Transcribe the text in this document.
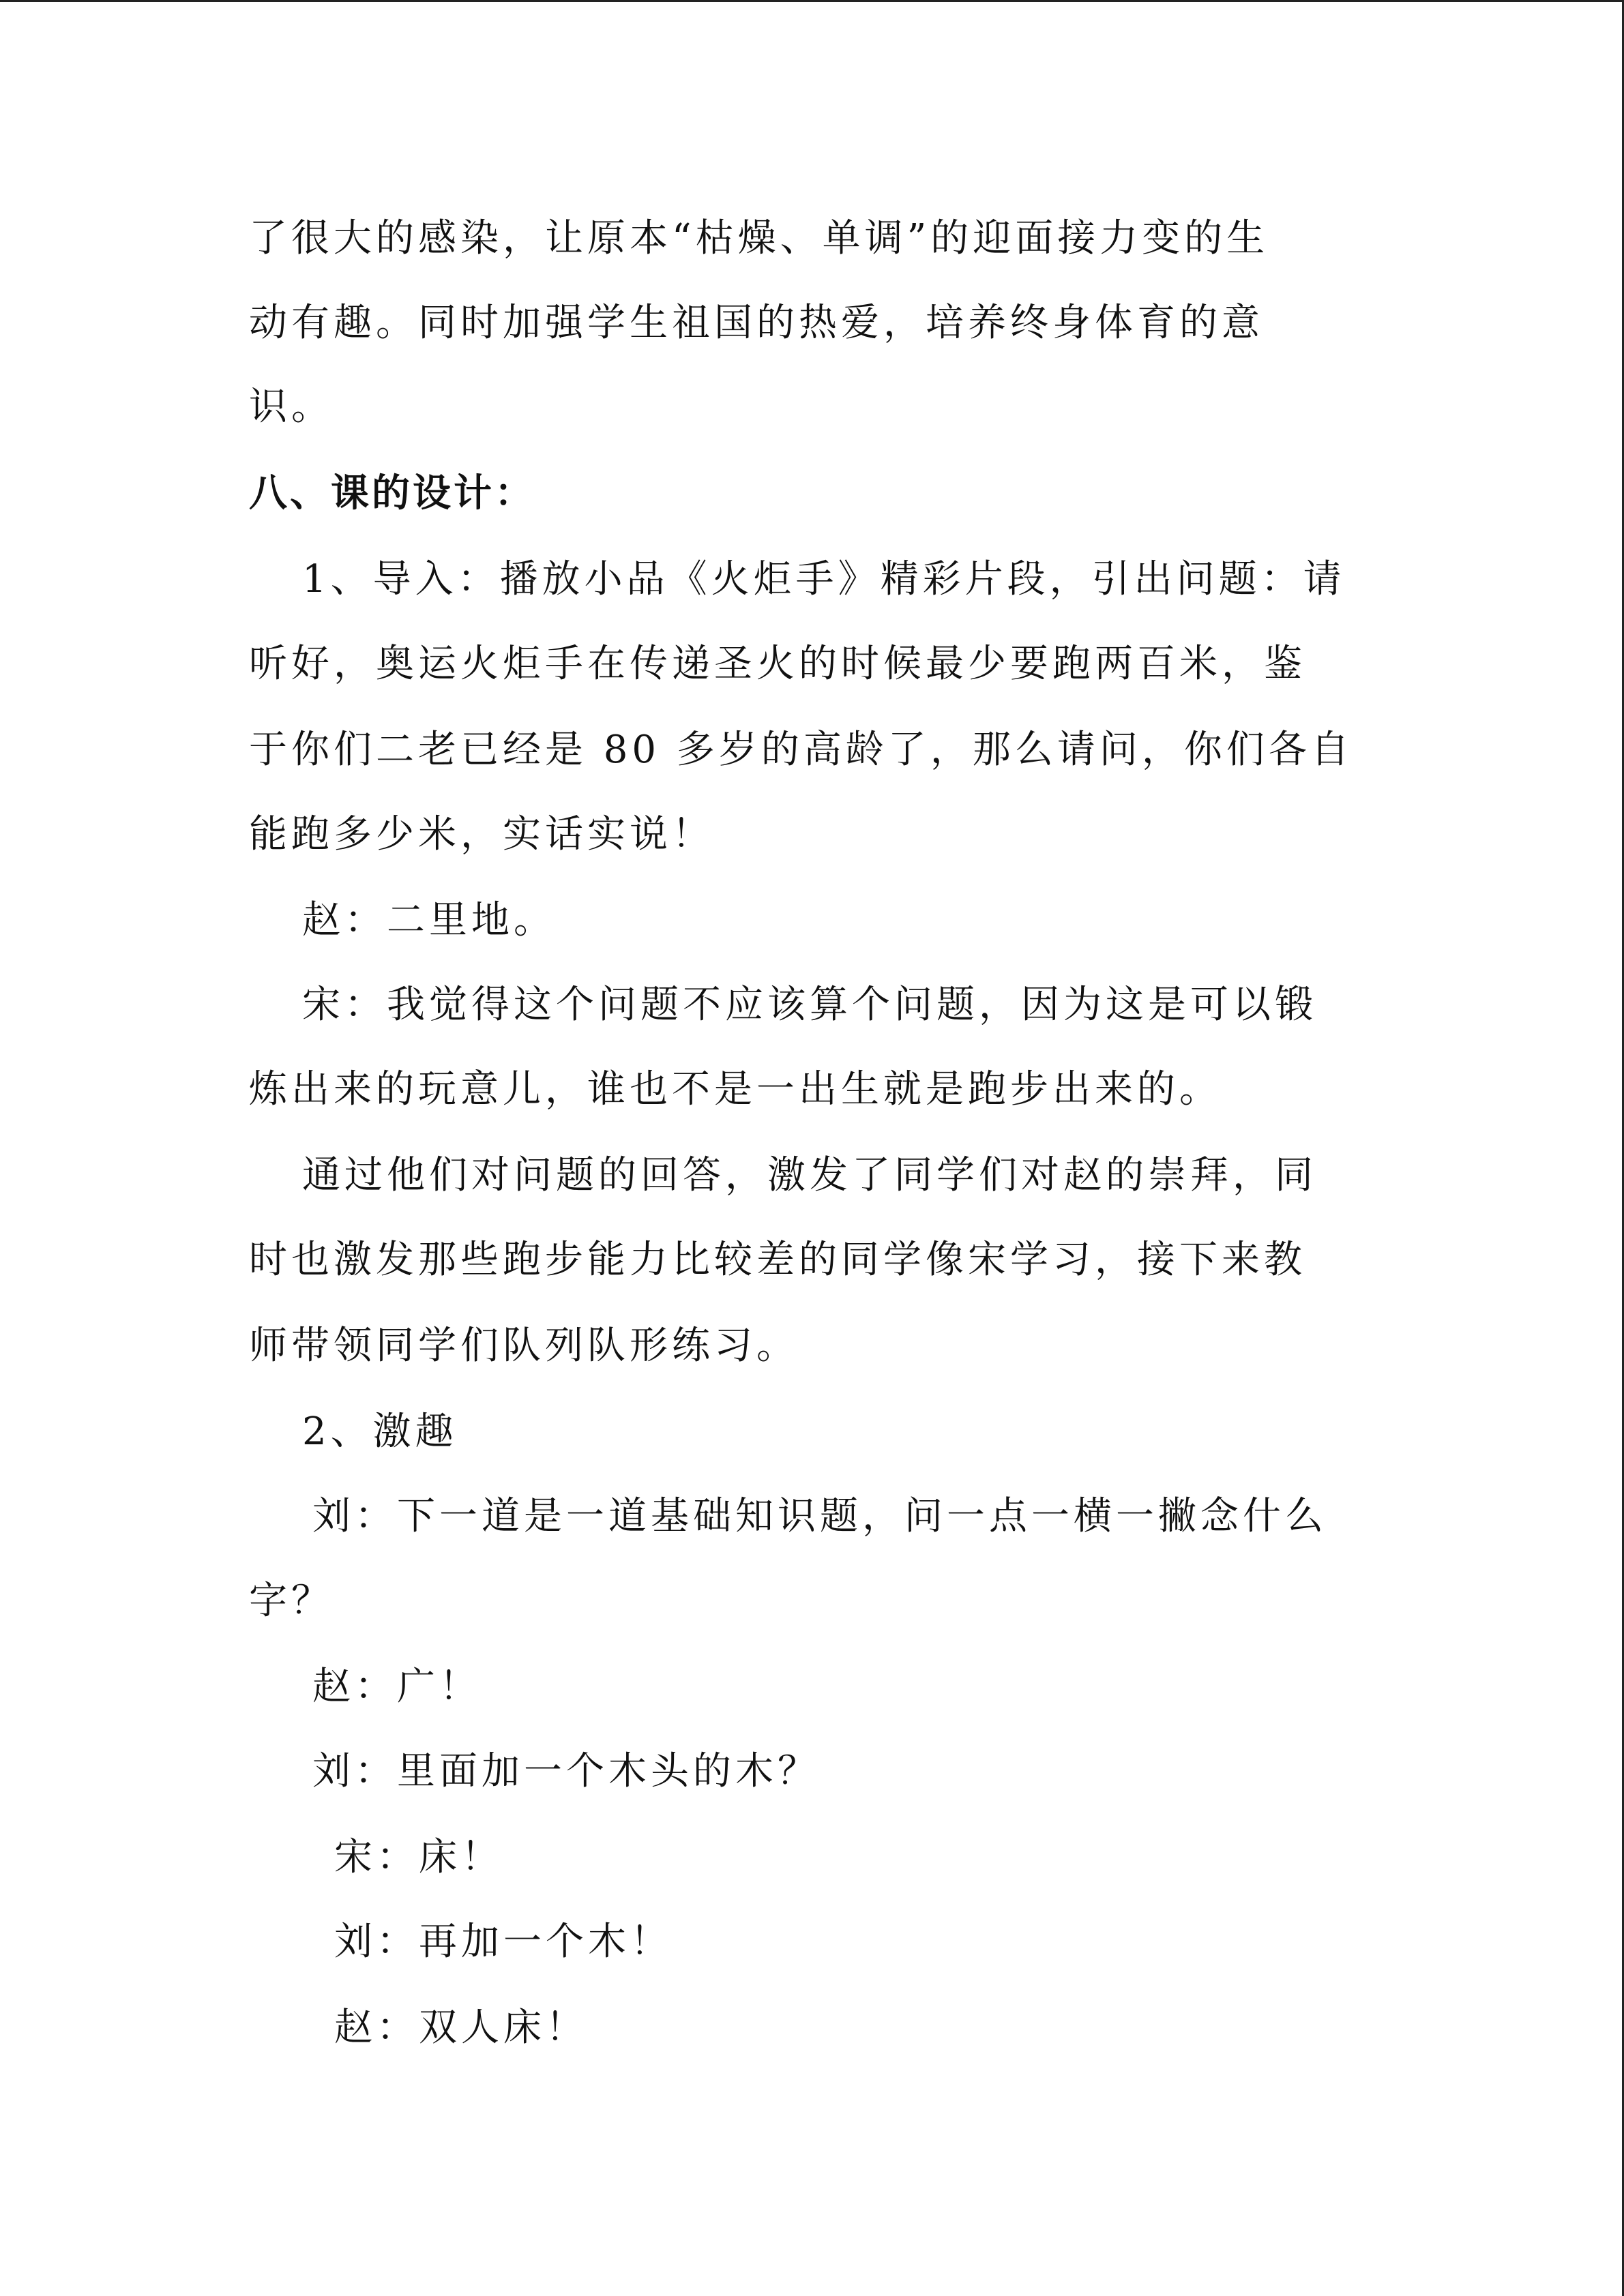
了很大的感染，让原本“枯燥、单调”的迎面接力变的生
动有趣。同时加强学生祖国的热爱，培养终身体育的意
识。
八、课的设计：
1、导入：播放小品《火炬手》精彩片段，引出问题：请
听好，奥运火炬手在传递圣火的时候最少要跑两百米，鉴
于你们二老已经是 80 多岁的高龄了，那么请问，你们各自
能跑多少米，实话实说！
赵：二里地。
宋：我觉得这个问题不应该算个问题，因为这是可以锻
炼出来的玩意儿，谁也不是一出生就是跑步出来的。
通过他们对问题的回答，激发了同学们对赵的崇拜，同
时也激发那些跑步能力比较差的同学像宋学习，接下来教
师带领同学们队列队形练习。
2、激趣
刘：下一道是一道基础知识题，问一点一横一撇念什么
字？
赵：广！
刘：里面加一个木头的木？
宋：床！
刘：再加一个木！
赵：双人床！
